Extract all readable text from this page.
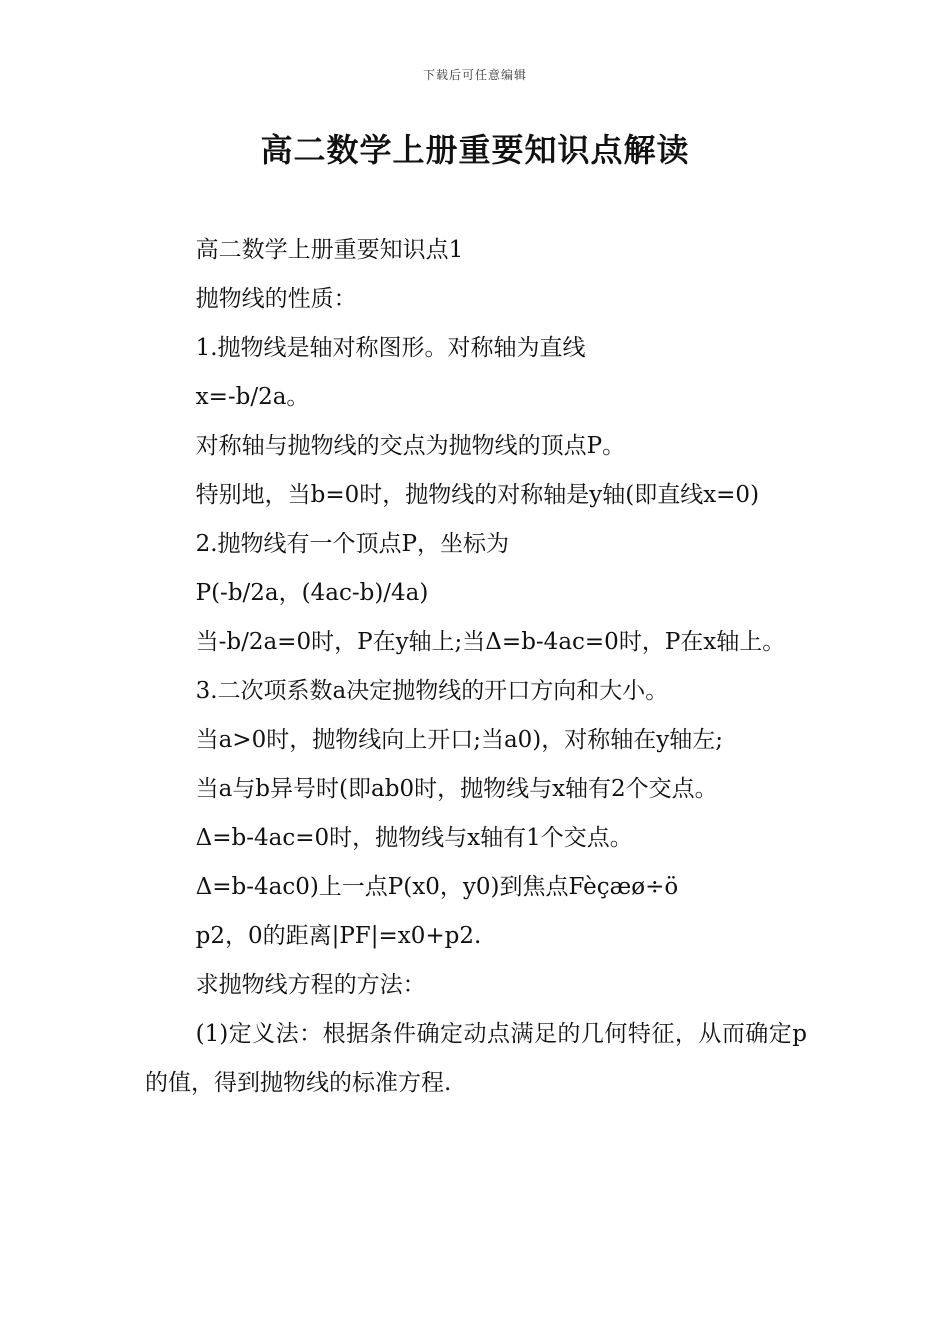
下载后可任意编辑
高二数学上册重要知识点解读

高二数学上册重要知识点1

抛物线的性质：

1.抛物线是轴对称图形。对称轴为直线

x=-b/2a。

对称轴与抛物线的交点为抛物线的顶点P。

特别地，当b=0时，抛物线的对称轴是y轴(即直线x=0)

2.抛物线有一个顶点P，坐标为

P(-b/2a，(4ac-b)/4a)

当-b/2a=0时，P在y轴上;当Δ=b-4ac=0时，P在x轴上。

3.二次项系数a决定抛物线的开口方向和大小。

当a>0时，抛物线向上开口;当a0)，对称轴在y轴左;

当a与b异号时(即ab0时，抛物线与x轴有2个交点。

Δ=b-4ac=0时，抛物线与x轴有1个交点。

Δ=b-4ac0)上一点P(x0，y0)到焦点Fèçæø÷ö

p2，0的距离|PF|=x0+p2.

求抛物线方程的方法：

(1)定义法：根据条件确定动点满足的几何特征，从而确定p的值，得到抛物线的标准方程.
